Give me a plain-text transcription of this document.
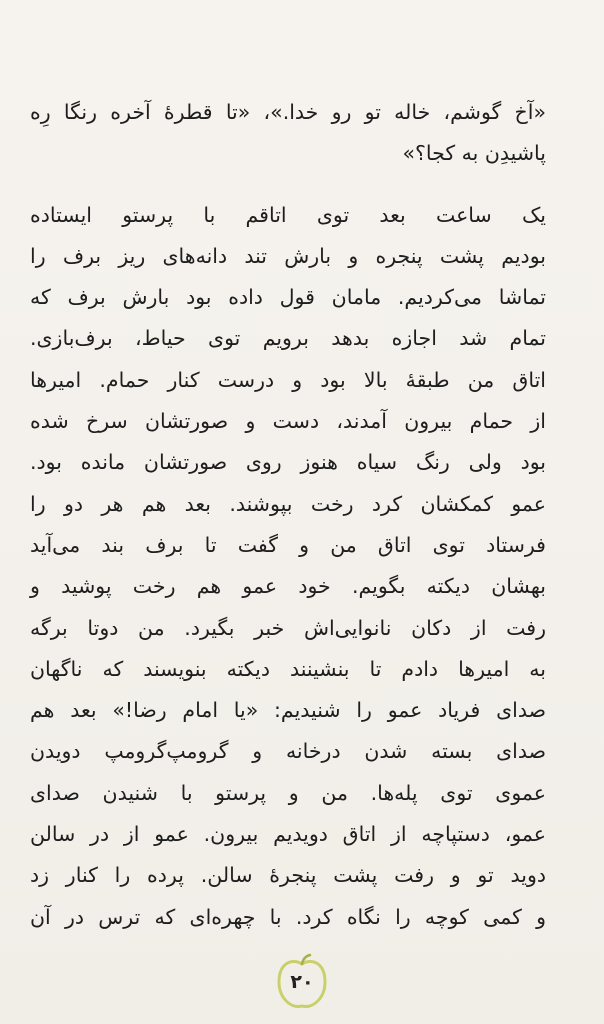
«آخ گوشم، خاله تو رو خدا.»، «تا قطرۀ آخره رنگا رِه
پاشیدِن به کجا؟»
یک ساعت بعد توی اتاقم با پرستو ایستاده
بودیم پشت پنجره و بارش تند دانه‌های ریز برف را
تماشا می‌کردیم. مامان قول داده بود بارش برف که
تمام شد اجازه بدهد برویم توی حیاط، برف‌بازی.
اتاق من طبقۀ بالا بود و درست کنار حمام. امیرها
از حمام بیرون آمدند، دست و صورتشان سرخ شده
بود ولی رنگ سیاه هنوز روی صورتشان مانده بود.
عمو کمکشان کرد رخت بپوشند. بعد هم هر دو را
فرستاد توی اتاق من و گفت تا برف بند می‌آید
بهشان دیکته بگویم. خود عمو هم رخت پوشید و
رفت از دکان نانوایی‌اش خبر بگیرد. من دوتا برگه
به امیرها دادم تا بنشینند دیکته بنویسند که ناگهان
صدای فریاد عمو را شنیدیم: «یا امام رضا!» بعد هم
صدای بسته شدن درخانه و گرومپ‌گرومپ دویدن
عموی توی پله‌ها. من و پرستو با شنیدن صدای
عمو، دستپاچه از اتاق دویدیم بیرون. عمو از در سالن
دوید تو و رفت پشت پنجرۀ سالن. پرده را کنار زد
و کمی کوچه را نگاه کرد. با چهره‌ای که ترس در آن
۲۰
